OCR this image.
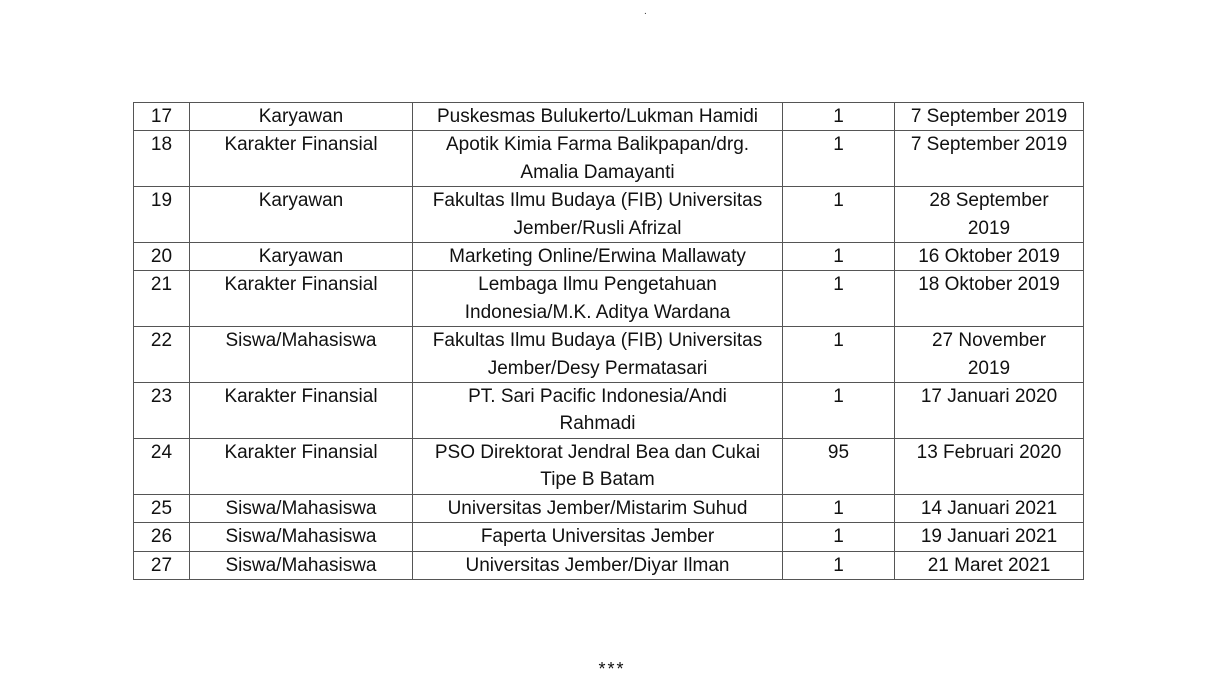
.
17	Karyawan	Puskesmas Bulukerto/Lukman Hamidi	1	7 September 2019
18	Karakter Finansial	Apotik Kimia Farma Balikpapan/drg. Amalia Damayanti	1	7 September 2019
19	Karyawan	Fakultas Ilmu Budaya (FIB) Universitas Jember/Rusli Afrizal	1	28 September 2019
20	Karyawan	Marketing Online/Erwina Mallawaty	1	16 Oktober 2019
21	Karakter Finansial	Lembaga Ilmu Pengetahuan Indonesia/M.K. Aditya Wardana	1	18 Oktober 2019
22	Siswa/Mahasiswa	Fakultas Ilmu Budaya (FIB) Universitas Jember/Desy Permatasari	1	27 November 2019
23	Karakter Finansial	PT. Sari Pacific Indonesia/Andi Rahmadi	1	17 Januari 2020
24	Karakter Finansial	PSO Direktorat Jendral Bea dan Cukai Tipe B Batam	95	13 Februari 2020
25	Siswa/Mahasiswa	Universitas Jember/Mistarim Suhud	1	14 Januari 2021
26	Siswa/Mahasiswa	Faperta Universitas Jember	1	19 Januari 2021
27	Siswa/Mahasiswa	Universitas Jember/Diyar Ilman	1	21 Maret 2021
***
